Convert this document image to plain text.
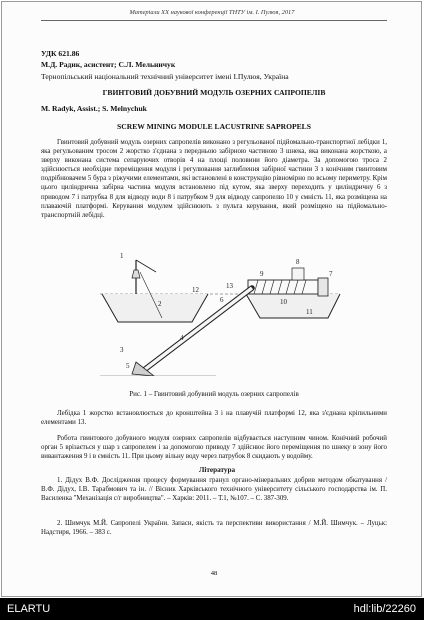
Матеріали XX наукової конференції ТНТУ ім. І. Пулюя, 2017
УДК 621.86
М.Д. Радик, асистент; С.Л. Мельничук
Тернопільський національний технічний університет імені І.Пулюя, Україна
ГВИНТОВИЙ ДОБУВНИЙ МОДУЛЬ ОЗЕРНИХ САПРОПЕЛІВ
M. Radyk, Assist.; S. Melnychuk
SCREW MINING MODULE LACUSTRINE SAPROPELS

Гвинтовий добувний модуль озерних сапропелів виконано з регульованої підйомально-транспортної лебідки 1, яка регульованим тросом 2 жорстко з'єднана з передньою забірною частиною 3 шнека, яка виконана жорсткою, а зверху виконана система сепаруючих отворів 4 на площі половини його діаметра. За допомогою троса 2 здійснюється необхідне переміщення модуля і регулювання заглиблення забірної частини 3 з конічним гвинтовим подрібнювачем 5 бура з ріжучими елементами, які встановлені в конструкцію рівномірно по всьому периметру. Крім цього циліндрична забірна частина модуля встановлено під кутом, яка зверху переходить у циліндричну 6 з приводом 7 і патрубка 8 для відводу води 8 і патрубком 9 для відводу сапропелю 10 у ємність 11, яка розміщена на плаваючій платформі. Керування модулем здійснюють з пульта керування, який розміщено на підйомально-транспортній лебідці.

1
2
3
4
5
6
7
8
9
10
11
12	13
Рис. 1 – Гвинтовий добувний модуль озерних сапропелів

Лебідка 1 жорстко встановлюється до кронштейна 3 і на плавучій платформі 12, яка з'єднана кріпильними елементами 13.

Робота гвинтового добувного модуля озерних сапропелів відбувається наступним чином. Конічний робочий орган 5 врізається у шар з сапропелем і за допомогою приводу 7 здійснює його переміщення по шнеку в зону його вивантаження 9 і в ємність 11. При цьому вільну воду через патрубок 8 скидають у водойму.

Література

1. Дідух В.Ф. Дослідження процесу формування гранул органо-мінеральних добрив методом обкатування / В.Ф. Дідух, І.В. Тарабмович та ін. // Вісник Харківського технічного університету сільського господарства ім. П. Василенка "Механізація с/г виробництва". – Харків: 2011. – Т.1, №107. – С. 387-309.

2. Шимчук М.Й. Сапропелі України. Запаси, якість та перспективи використання / М.Й. Шимчук. – Луцьк: Надстиря, 1966. – 383 с.

48
ELARTU	hdl:lib/22260
